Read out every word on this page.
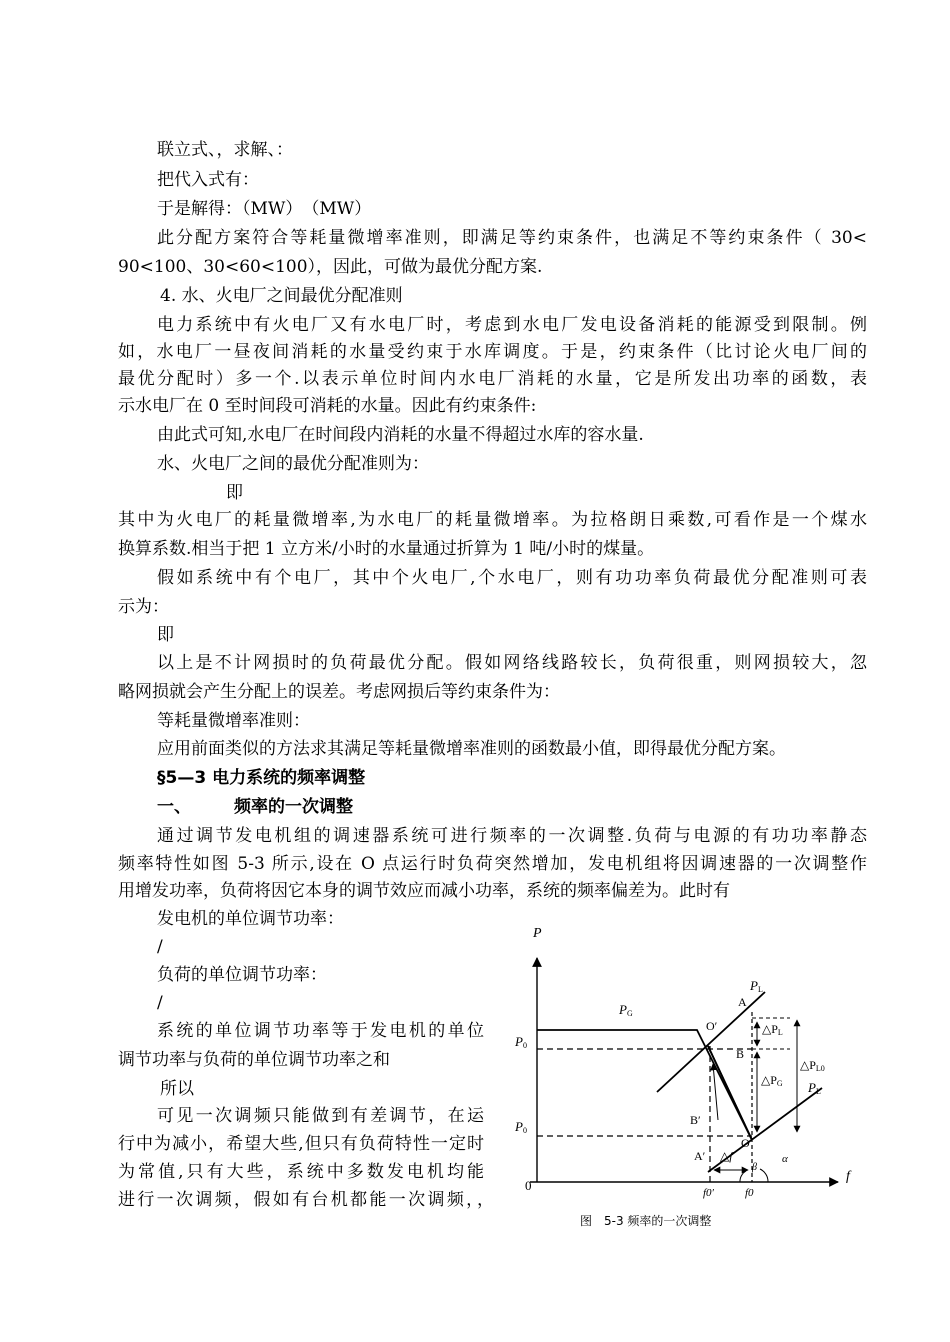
联立式、，求解、：
把代入式有：
于是解得：（MW）　（MW）
此分配方案符合等耗量微增率准则，即满足等约束条件，也满足不等约束条件（ 30<
90<100、30<60<100），因此，可做为最优分配方案.
4. 水、火电厂之间最优分配准则
电力系统中有火电厂又有水电厂时，考虑到水电厂发电设备消耗的能源受到限制。例
如，水电厂一昼夜间消耗的水量受约束于水库调度。于是，约束条件（比讨论火电厂间的
最优分配时）多一个.以表示单位时间内水电厂消耗的水量，它是所发出功率的函数，表
示水电厂在 0 至时间段可消耗的水量。因此有约束条件:
由此式可知,水电厂在时间段内消耗的水量不得超过水库的容水量.
水、火电厂之间的最优分配准则为：
即
其中为火电厂的耗量微增率,为水电厂的耗量微增率。为拉格朗日乘数,可看作是一个煤水
换算系数.相当于把 1 立方米/小时的水量通过折算为 1 吨/小时的煤量。
假如系统中有个电厂，其中个火电厂,个水电厂，则有功功率负荷最优分配准则可表
示为：
即
以上是不计网损时的负荷最优分配。假如网络线路较长，负荷很重，则网损较大，忽
略网损就会产生分配上的误差。考虑网损后等约束条件为：
等耗量微增率准则：
应用前面类似的方法求其满足等耗量微增率准则的函数最小值，即得最优分配方案。
§5—3 电力系统的频率调整
一、	频率的一次调整
通过调节发电机组的调速器系统可进行频率的一次调整.负荷与电源的有功功率静态
频率特性如图 5-3 所示,设在 O 点运行时负荷突然增加，发电机组将因调速器的一次调整作
用增发功率，负荷将因它本身的调节效应而减小功率，系统的频率偏差为。此时有
发电机的单位调节功率：
/
负荷的单位调节功率：
/
系统的单位调节功率等于发电机的单位
调节功率与负荷的单位调节功率之和
所以
可见一次调频只能做到有差调节，在运
行中为减小，希望大些,但只有负荷特性一定时
为常值,只有大些，系统中多数发电机均能
进行一次调频，假如有台机都能一次调频，，
P
f
0
PG
PL
PL
P0
P0
A
O′
B
B′
O
A′
△PL
△PG
△PL0
△f
f0′	f0
β
α
图　5-3 频率的一次调整
